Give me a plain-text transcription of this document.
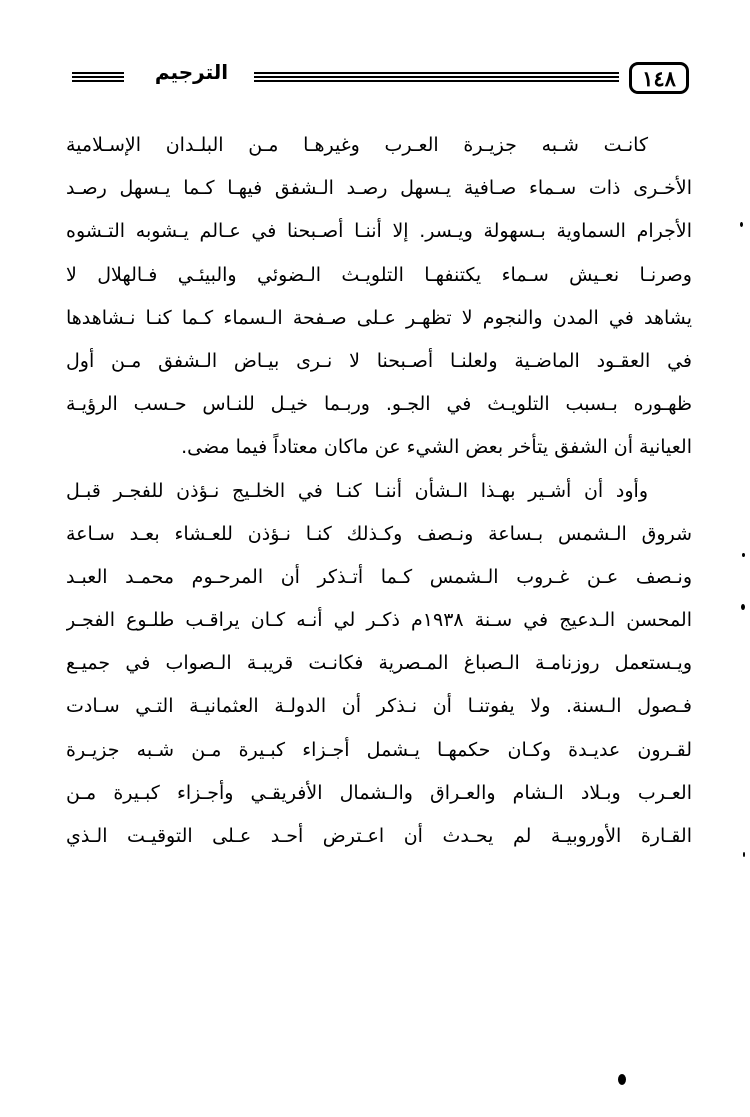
الترجيم	١٤٨
كانـت شـبه جزيـرة العـرب وغيرهـا مـن البلـدان الإسـلامية
الأخـرى ذات سـماء صـافية يـسهل رصـد الـشفق فيهـا كـما يـسهل رصـد
الأجرام السماوية بـسهولة ويـسر. إلا أننـا أصـبحنا في عـالم يـشوبه التـشوه
وصرنـا نعـيش سـماء يكتنفهـا التلويـث الـضوئي والبيئـي فـالهلال لا
يشاهد في المدن والنجوم لا تظهـر عـلى صـفحة الـسماء كـما كنـا نـشاهدها
في العقـود الماضـية ولعلنـا أصـبحنا لا نـرى بيـاض الـشفق مـن أول
ظهـوره بـسبب التلويـث في الجـو. وربـما خيـل للنـاس حـسب الرؤيـة
العيانية أن الشفق يتأخر بعض الشيء عن ماكان معتاداً فيما مضى.
وأود أن أشـير بهـذا الـشأن أننـا كنـا في الخلـيج نـؤذن للفجـر قبـل
شروق الـشمس بـساعة ونـصف وكـذلك كنـا نـؤذن للعـشاء بعـد سـاعة
ونـصف عـن غـروب الـشمس كـما أتـذكر أن المرحـوم محمـد العبـد
المحسن الـدعيج في سـنة ١٩٣٨م ذكـر لي أنـه كـان يراقـب طلـوع الفجـر
ويـستعمل روزنامـة الـصباغ المـصرية فكانـت قريبـة الـصواب في جميـع
فـصول الـسنة. ولا يفوتنـا أن نـذكر أن الدولـة العثمانيـة التـي سـادت
لقـرون عديـدة وكـان حكمهـا يـشمل أجـزاء كبـيرة مـن شـبه جزيـرة
العـرب وبـلاد الـشام والعـراق والـشمال الأفريقـي وأجـزاء كبـيرة مـن
القـارة الأوروبيـة لم يحـدث أن اعـترض أحـد عـلى التوقيـت الـذي
